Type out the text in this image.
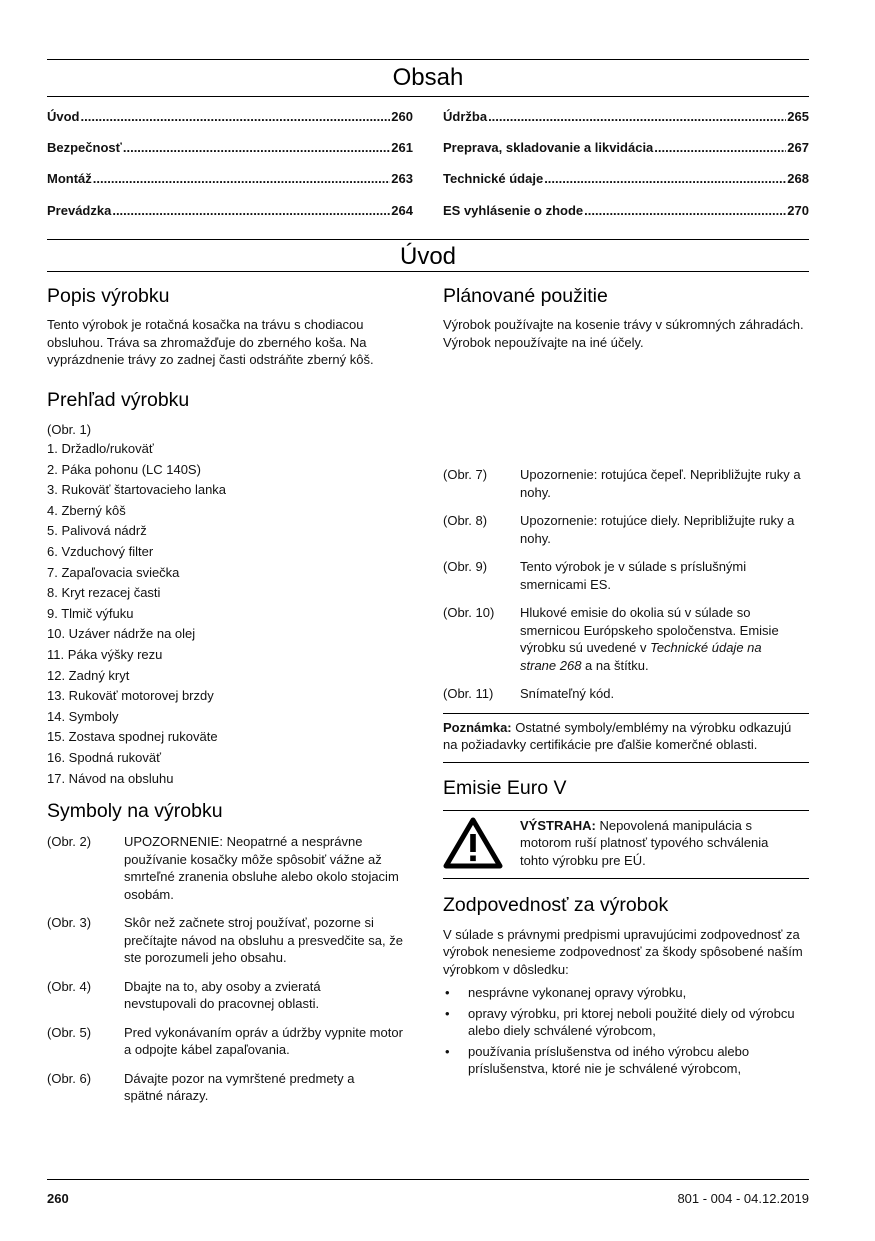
Obsah
Úvod .....	260
Bezpečnosť .....	261
Montáž .....	263
Prevádzka .....	264
Údržba .....	265
Preprava, skladovanie a likvidácia .....	267
Technické údaje .....	268
ES vyhlásenie o zhode .....	270
Úvod
Popis výrobku

Tento výrobok je rotačná kosačka na trávu s chodiacou obsluhou. Tráva sa zhromažďuje do zberného koša. Na vyprázdnenie trávy zo zadnej časti odstráňte zberný kôš.

Prehľad výrobku

(Obr. 1)

1. Držadlo/rukoväť
2. Páka pohonu (LC 140S)
3. Rukoväť štartovacieho lanka
4. Zberný kôš
5. Palivová nádrž
6. Vzduchový filter
7. Zapaľovacia sviečka
8. Kryt rezacej časti
9. Tlmič výfuku
10. Uzáver nádrže na olej
11. Páka výšky rezu
12. Zadný kryt
13. Rukoväť motorovej brzdy
14. Symboly
15. Zostava spodnej rukoväte
16. Spodná rukoväť
17. Návod na obsluhu
Symboly na výrobku
(Obr. 2)	UPOZORNENIE: Neopatrné a nesprávne používanie kosačky môže spôsobiť vážne až smrteľné zranenia obsluhe alebo okolo stojacim osobám.
(Obr. 3)	Skôr než začnete stroj používať, pozorne si prečítajte návod na obsluhu a presvedčite sa, že ste porozumeli jeho obsahu.
(Obr. 4)	Dbajte na to, aby osoby a zvieratá nevstupovali do pracovnej oblasti.
(Obr. 5)	Pred vykonávaním opráv a údržby vypnite motor a odpojte kábel zapaľovania.
(Obr. 6)	Dávajte pozor na vymrštené predmety a spätné nárazy.
Plánované použitie

Výrobok používajte na kosenie trávy v súkromných záhradách. Výrobok nepoužívajte na iné účely.

(Obr. 7)	Upozornenie: rotujúca čepeľ. Nepribližujte ruky a nohy.
(Obr. 8)	Upozornenie: rotujúce diely. Nepribližujte ruky a nohy.
(Obr. 9)	Tento výrobok je v súlade s príslušnými smernicami ES.
(Obr. 10)	Hlukové emisie do okolia sú v súlade so smernicou Európskeho spoločenstva. Emisie výrobku sú uvedené v Technické údaje na strane 268 a na štítku.
(Obr. 11)	Snímateľný kód.

Poznámka: Ostatné symboly/emblémy na výrobku odkazujú na požiadavky certifikácie pre ďalšie komerčné oblasti.

Emisie Euro V

VÝSTRAHA: Nepovolená manipulácia s motorom ruší platnosť typového schválenia tohto výrobku pre EÚ.

Zodpovednosť za výrobok

V súlade s právnymi predpismi upravujúcimi zodpovednosť za výrobok nenesieme zodpovednosť za škody spôsobené naším výrobkom v dôsledku:

•	nesprávne vykonanej opravy výrobku,
•	opravy výrobku, pri ktorej neboli použité diely od výrobcu alebo diely schválené výrobcom,
•	používania príslušenstva od iného výrobcu alebo príslušenstva, ktoré nie je schválené výrobcom,
260	801 - 004 - 04.12.2019
